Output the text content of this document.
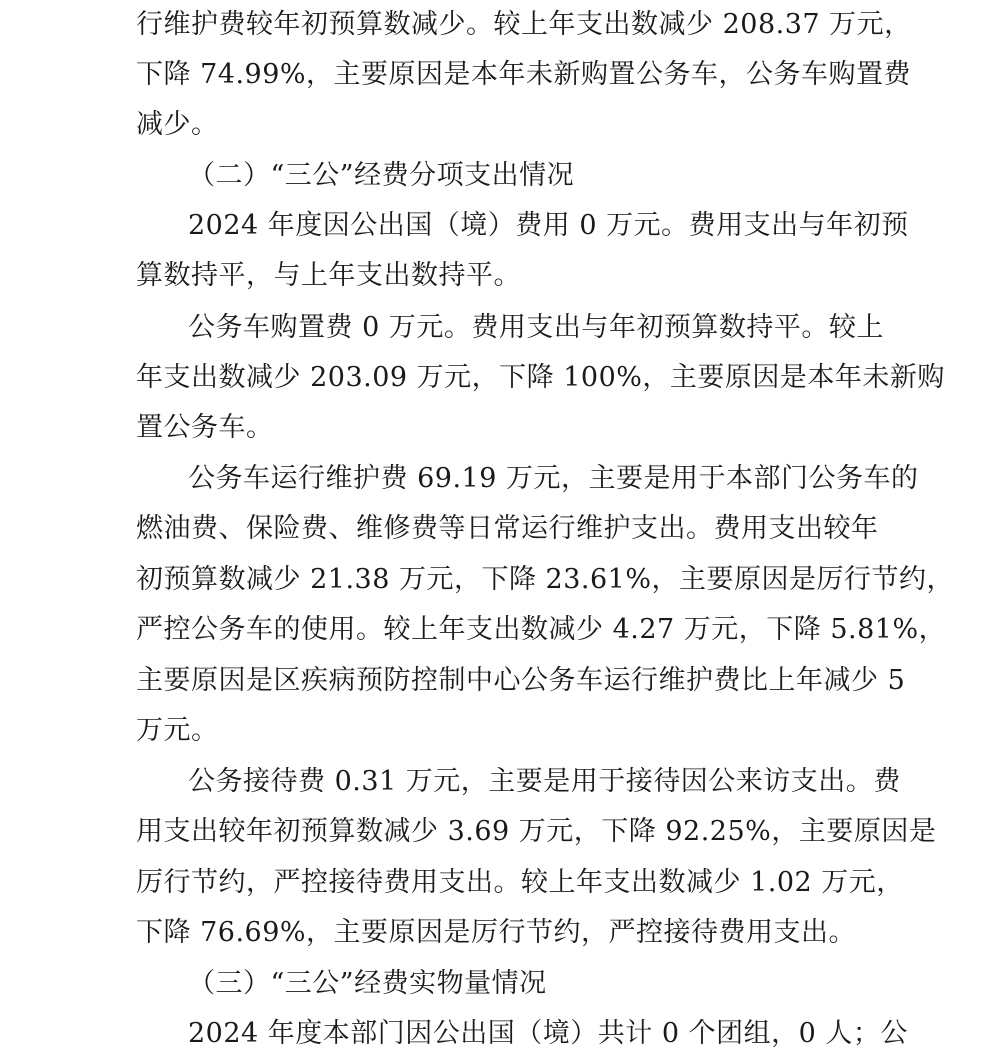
行维护费较年初预算数减少。较上年支出数减少 208.37 万元，
下降 74.99%，主要原因是本年未新购置公务车，公务车购置费
减少。
（二）“三公”经费分项支出情况
2024 年度因公出国（境）费用 0 万元。费用支出与年初预
算数持平，与上年支出数持平。
公务车购置费 0 万元。费用支出与年初预算数持平。较上
年支出数减少 203.09 万元，下降 100%，主要原因是本年未新购
置公务车。
公务车运行维护费 69.19 万元，主要是用于本部门公务车的
燃油费、保险费、维修费等日常运行维护支出。费用支出较年
初预算数减少 21.38 万元，下降 23.61%，主要原因是厉行节约，
严控公务车的使用。较上年支出数减少 4.27 万元，下降 5.81%，
主要原因是区疾病预防控制中心公务车运行维护费比上年减少 5
万元。
公务接待费 0.31 万元，主要是用于接待因公来访支出。费
用支出较年初预算数减少 3.69 万元，下降 92.25%，主要原因是
厉行节约，严控接待费用支出。较上年支出数减少 1.02 万元，
下降 76.69%，主要原因是厉行节约，严控接待费用支出。
（三）“三公”经费实物量情况
2024 年度本部门因公出国（境）共计 0 个团组，0 人；公
